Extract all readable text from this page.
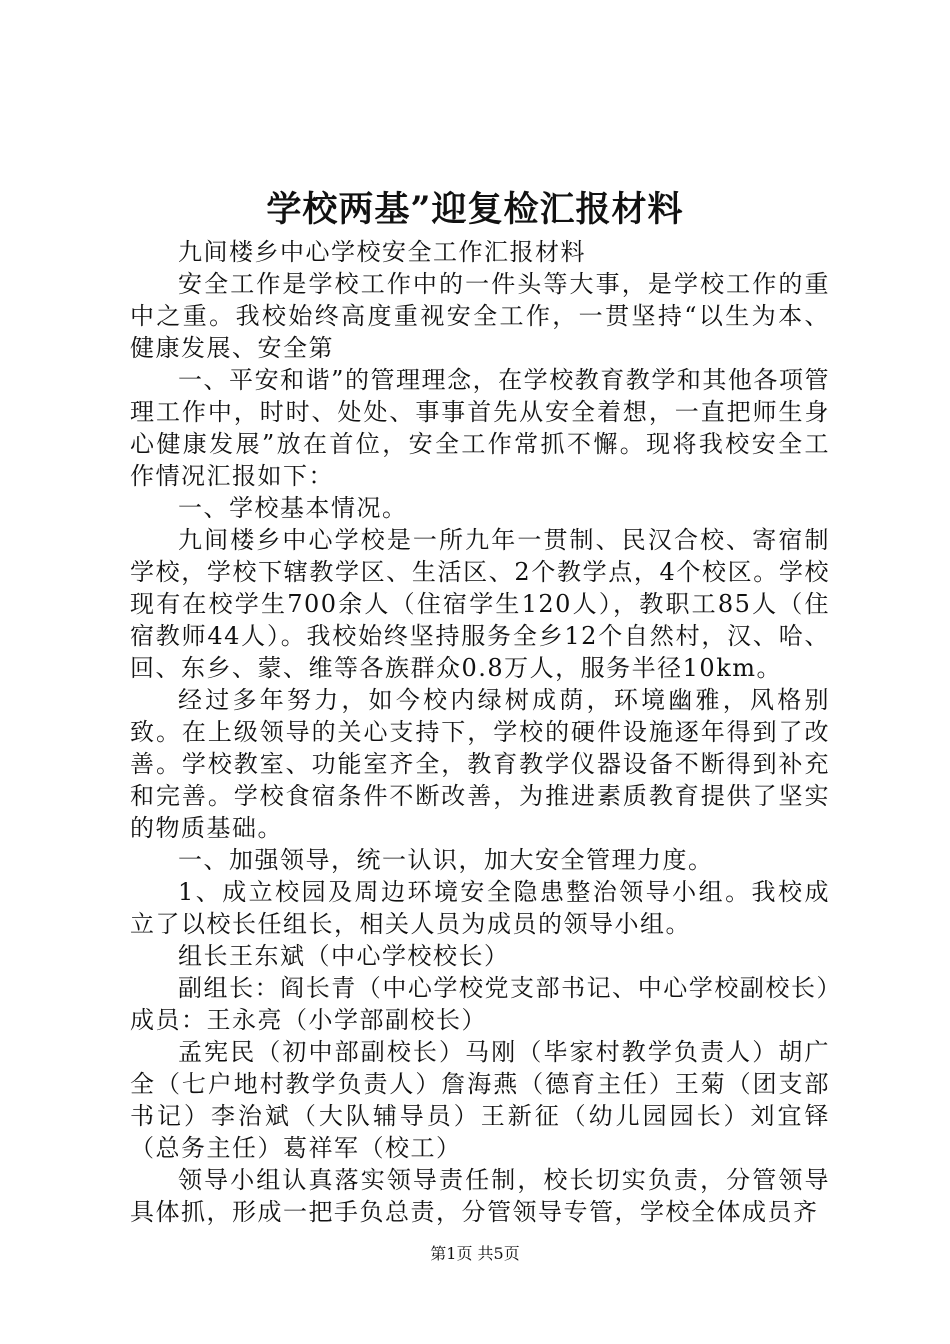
学校两基”迎复检汇报材料

九间楼乡中心学校安全工作汇报材料

安全工作是学校工作中的一件头等大事，是学校工作的重中之重。我校始终高度重视安全工作，一贯坚持“以生为本、健康发展、安全第

一、平安和谐”的管理理念，在学校教育教学和其他各项管理工作中，时时、处处、事事首先从安全着想，一直把师生身心健康发展”放在首位，安全工作常抓不懈。现将我校安全工作情况汇报如下：

一、学校基本情况。

九间楼乡中心学校是一所九年一贯制、民汉合校、寄宿制学校，学校下辖教学区、生活区、2个教学点，4个校区。学校现有在校学生700余人（住宿学生120人），教职工85人（住宿教师44人）。我校始终坚持服务全乡12个自然村，汉、哈、回、东乡、蒙、维等各族群众0.8万人，服务半径10km。

经过多年努力，如今校内绿树成荫，环境幽雅，风格别致。在上级领导的关心支持下，学校的硬件设施逐年得到了改善。学校教室、功能室齐全，教育教学仪器设备不断得到补充和完善。学校食宿条件不断改善，为推进素质教育提供了坚实的物质基础。

一、加强领导，统一认识，加大安全管理力度。

1、成立校园及周边环境安全隐患整治领导小组。我校成立了以校长任组长，相关人员为成员的领导小组。

组长王东斌（中心学校校长）

副组长：阎长青（中心学校党支部书记、中心学校副校长）成员：王永亮（小学部副校长）

孟宪民（初中部副校长）马刚（毕家村教学负责人）胡广全（七户地村教学负责人）詹海燕（德育主任）王菊（团支部书记）李治斌（大队辅导员）王新征（幼儿园园长）刘宜铎（总务主任）葛祥军（校工）

领导小组认真落实领导责任制，校长切实负责，分管领导具体抓，形成一把手负总责，分管领导专管，学校全体成员齐

第1页 共5页
